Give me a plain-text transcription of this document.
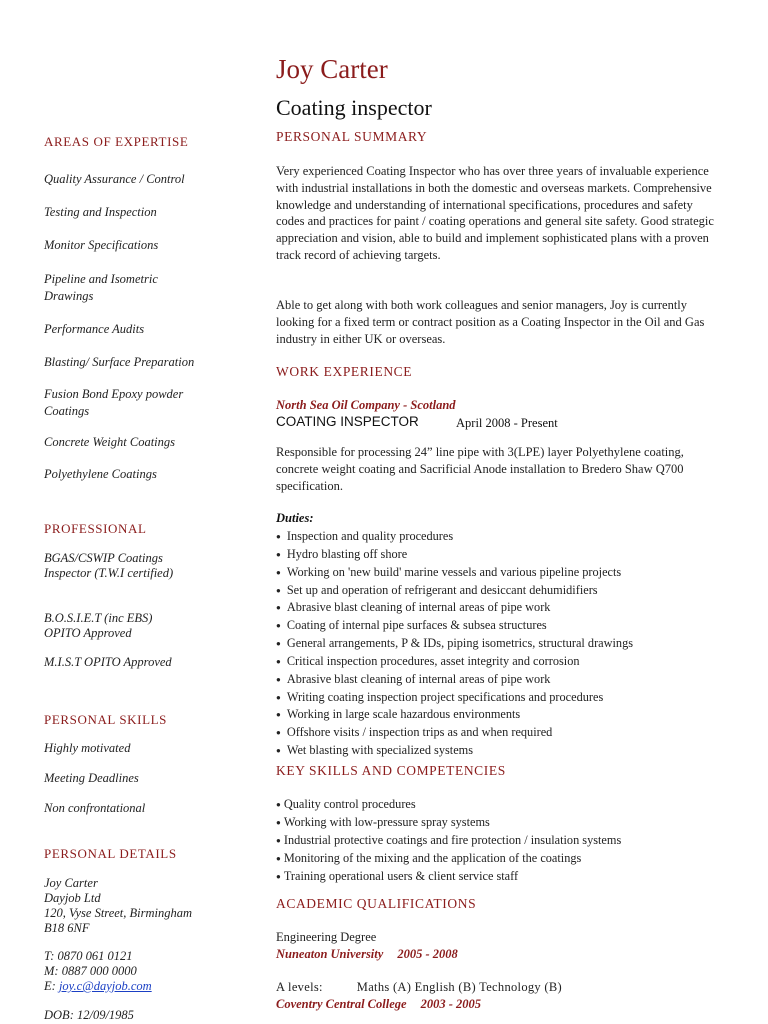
Joy Carter
Coating inspector
AREAS OF EXPERTISE
Quality Assurance / Control
Testing and Inspection
Monitor Specifications
Pipeline and Isometric Drawings
Performance Audits
Blasting/ Surface Preparation
Fusion Bond Epoxy powder Coatings
Concrete Weight Coatings
Polyethylene Coatings
PROFESSIONAL
BGAS/CSWIP Coatings Inspector (T.W.I certified)
B.O.S.I.E.T (inc EBS) OPITO Approved
M.I.S.T OPITO Approved
PERSONAL SKILLS
Highly motivated
Meeting Deadlines
Non confrontational
PERSONAL DETAILS
Joy Carter
Dayjob Ltd
120, Vyse Street, Birmingham
B18 6NF
T: 0870 061 0121
M: 0887 000 0000
E: joy.c@dayjob.com
DOB: 12/09/1985
PERSONAL SUMMARY
Very experienced Coating Inspector who has over three years of invaluable experience with industrial installations in both the domestic and overseas markets. Comprehensive knowledge and understanding of international specifications, procedures and safety codes and practices for paint / coating operations and general site safety. Good strategic appreciation and vision, able to build and implement sophisticated plans with a proven track record of achieving targets.
Able to get along with both work colleagues and senior managers, Joy is currently looking for a fixed term or contract position as a Coating Inspector in the Oil and Gas industry in either UK or overseas.
WORK EXPERIENCE
North Sea Oil Company - Scotland
COATING INSPECTOR	April 2008 - Present
Responsible for processing 24” line pipe with 3(LPE) layer Polyethylene coating, concrete weight coating and Sacrificial Anode installation to Bredero Shaw Q700 specification.
Duties:
● Inspection and quality procedures
● Hydro blasting off shore
● Working on 'new build' marine vessels and various pipeline projects
● Set up and operation of refrigerant and desiccant dehumidifiers
● Abrasive blast cleaning of internal areas of pipe work
● Coating of internal pipe surfaces & subsea structures
● General arrangements, P & IDs, piping isometrics, structural drawings
● Critical inspection procedures, asset integrity and corrosion
● Abrasive blast cleaning of internal areas of pipe work
● Writing coating inspection project specifications and procedures
● Working in large scale hazardous environments
● Offshore visits / inspection trips as and when required
● Wet blasting with specialized systems
KEY SKILLS AND COMPETENCIES
● Quality control procedures
● Working with low-pressure spray systems
● Industrial protective coatings and fire protection / insulation systems
● Monitoring of the mixing and the application of the coatings
● Training operational users & client service staff
ACADEMIC QUALIFICATIONS
Engineering Degree
Nuneaton University 2005 - 2008
A levels:	Maths (A) English (B) Technology (B)
Coventry Central College 2003 - 2005
